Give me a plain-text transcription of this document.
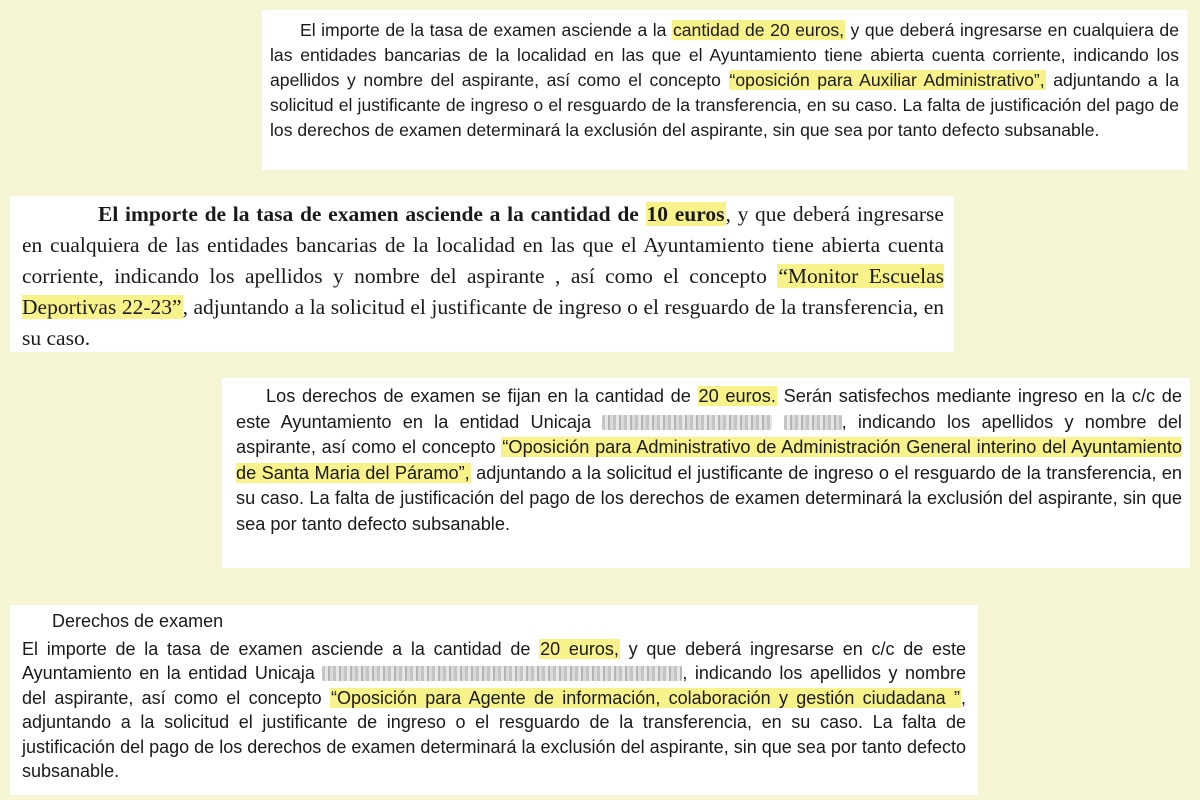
El importe de la tasa de examen asciende a la cantidad de 20 euros, y que deberá ingresarse en cualquiera de las entidades bancarias de la localidad en las que el Ayuntamiento tiene abierta cuenta corriente, indicando los apellidos y nombre del aspirante, así como el concepto “oposición para Auxiliar Administrativo”, adjuntando a la solicitud el justificante de ingreso o el resguardo de la transferencia, en su caso. La falta de justificación del pago de los derechos de examen determinará la exclusión del aspirante, sin que sea por tanto defecto subsanable.

El importe de la tasa de examen asciende a la cantidad de 10 euros, y que deberá ingresarse en cualquiera de las entidades bancarias de la localidad en las que el Ayuntamiento tiene abierta cuenta corriente, indicando los apellidos y nombre del aspirante , así como el concepto “Monitor Escuelas Deportivas 22-23”, adjuntando a la solicitud el justificante de ingreso o el resguardo de la transferencia, en su caso.

Los derechos de examen se fijan en la cantidad de 20 euros. Serán satisfechos mediante ingreso en la c/c de este Ayuntamiento en la entidad Unicaja	, indicando los apellidos y nombre del aspirante, así como el concepto “Oposición para Administrativo de Administración General interino del Ayuntamiento de Santa Maria del Páramo”, adjuntando a la solicitud el justificante de ingreso o el resguardo de la transferencia, en su caso. La falta de justificación del pago de los derechos de examen determinará la exclusión del aspirante, sin que sea por tanto defecto subsanable.

Derechos de examen

El importe de la tasa de examen asciende a la cantidad de 20 euros, y que deberá ingresarse en c/c de este Ayuntamiento en la entidad Unicaja	, indicando los apellidos y nombre del aspirante, así como el concepto “Oposición para Agente de información, colaboración y gestión ciudadana ”, adjuntando a la solicitud el justificante de ingreso o el resguardo de la transferencia, en su caso. La falta de justificación del pago de los derechos de examen determinará la exclusión del aspirante, sin que sea por tanto defecto subsanable.
